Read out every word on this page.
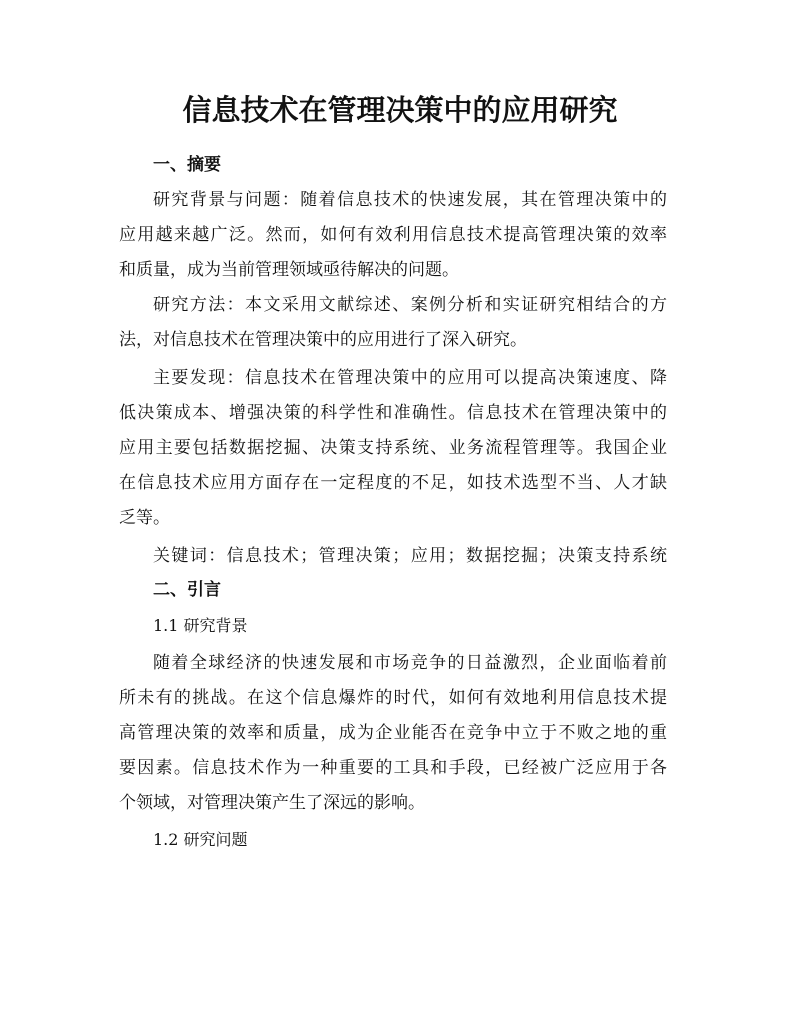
信息技术在管理决策中的应用研究
一、摘要
研究背景与问题：随着信息技术的快速发展，其在管理决策中的
应用越来越广泛。然而，如何有效利用信息技术提高管理决策的效率
和质量，成为当前管理领域亟待解决的问题。
研究方法：本文采用文献综述、案例分析和实证研究相结合的方
法，对信息技术在管理决策中的应用进行了深入研究。
主要发现：信息技术在管理决策中的应用可以提高决策速度、降
低决策成本、增强决策的科学性和准确性。信息技术在管理决策中的
应用主要包括数据挖掘、决策支持系统、业务流程管理等。我国企业
在信息技术应用方面存在一定程度的不足，如技术选型不当、人才缺
乏等。
关键词：信息技术；管理决策；应用；数据挖掘；决策支持系统
二、引言
1.1 研究背景
随着全球经济的快速发展和市场竞争的日益激烈，企业面临着前
所未有的挑战。在这个信息爆炸的时代，如何有效地利用信息技术提
高管理决策的效率和质量，成为企业能否在竞争中立于不败之地的重
要因素。信息技术作为一种重要的工具和手段，已经被广泛应用于各
个领域，对管理决策产生了深远的影响。
1.2 研究问题
